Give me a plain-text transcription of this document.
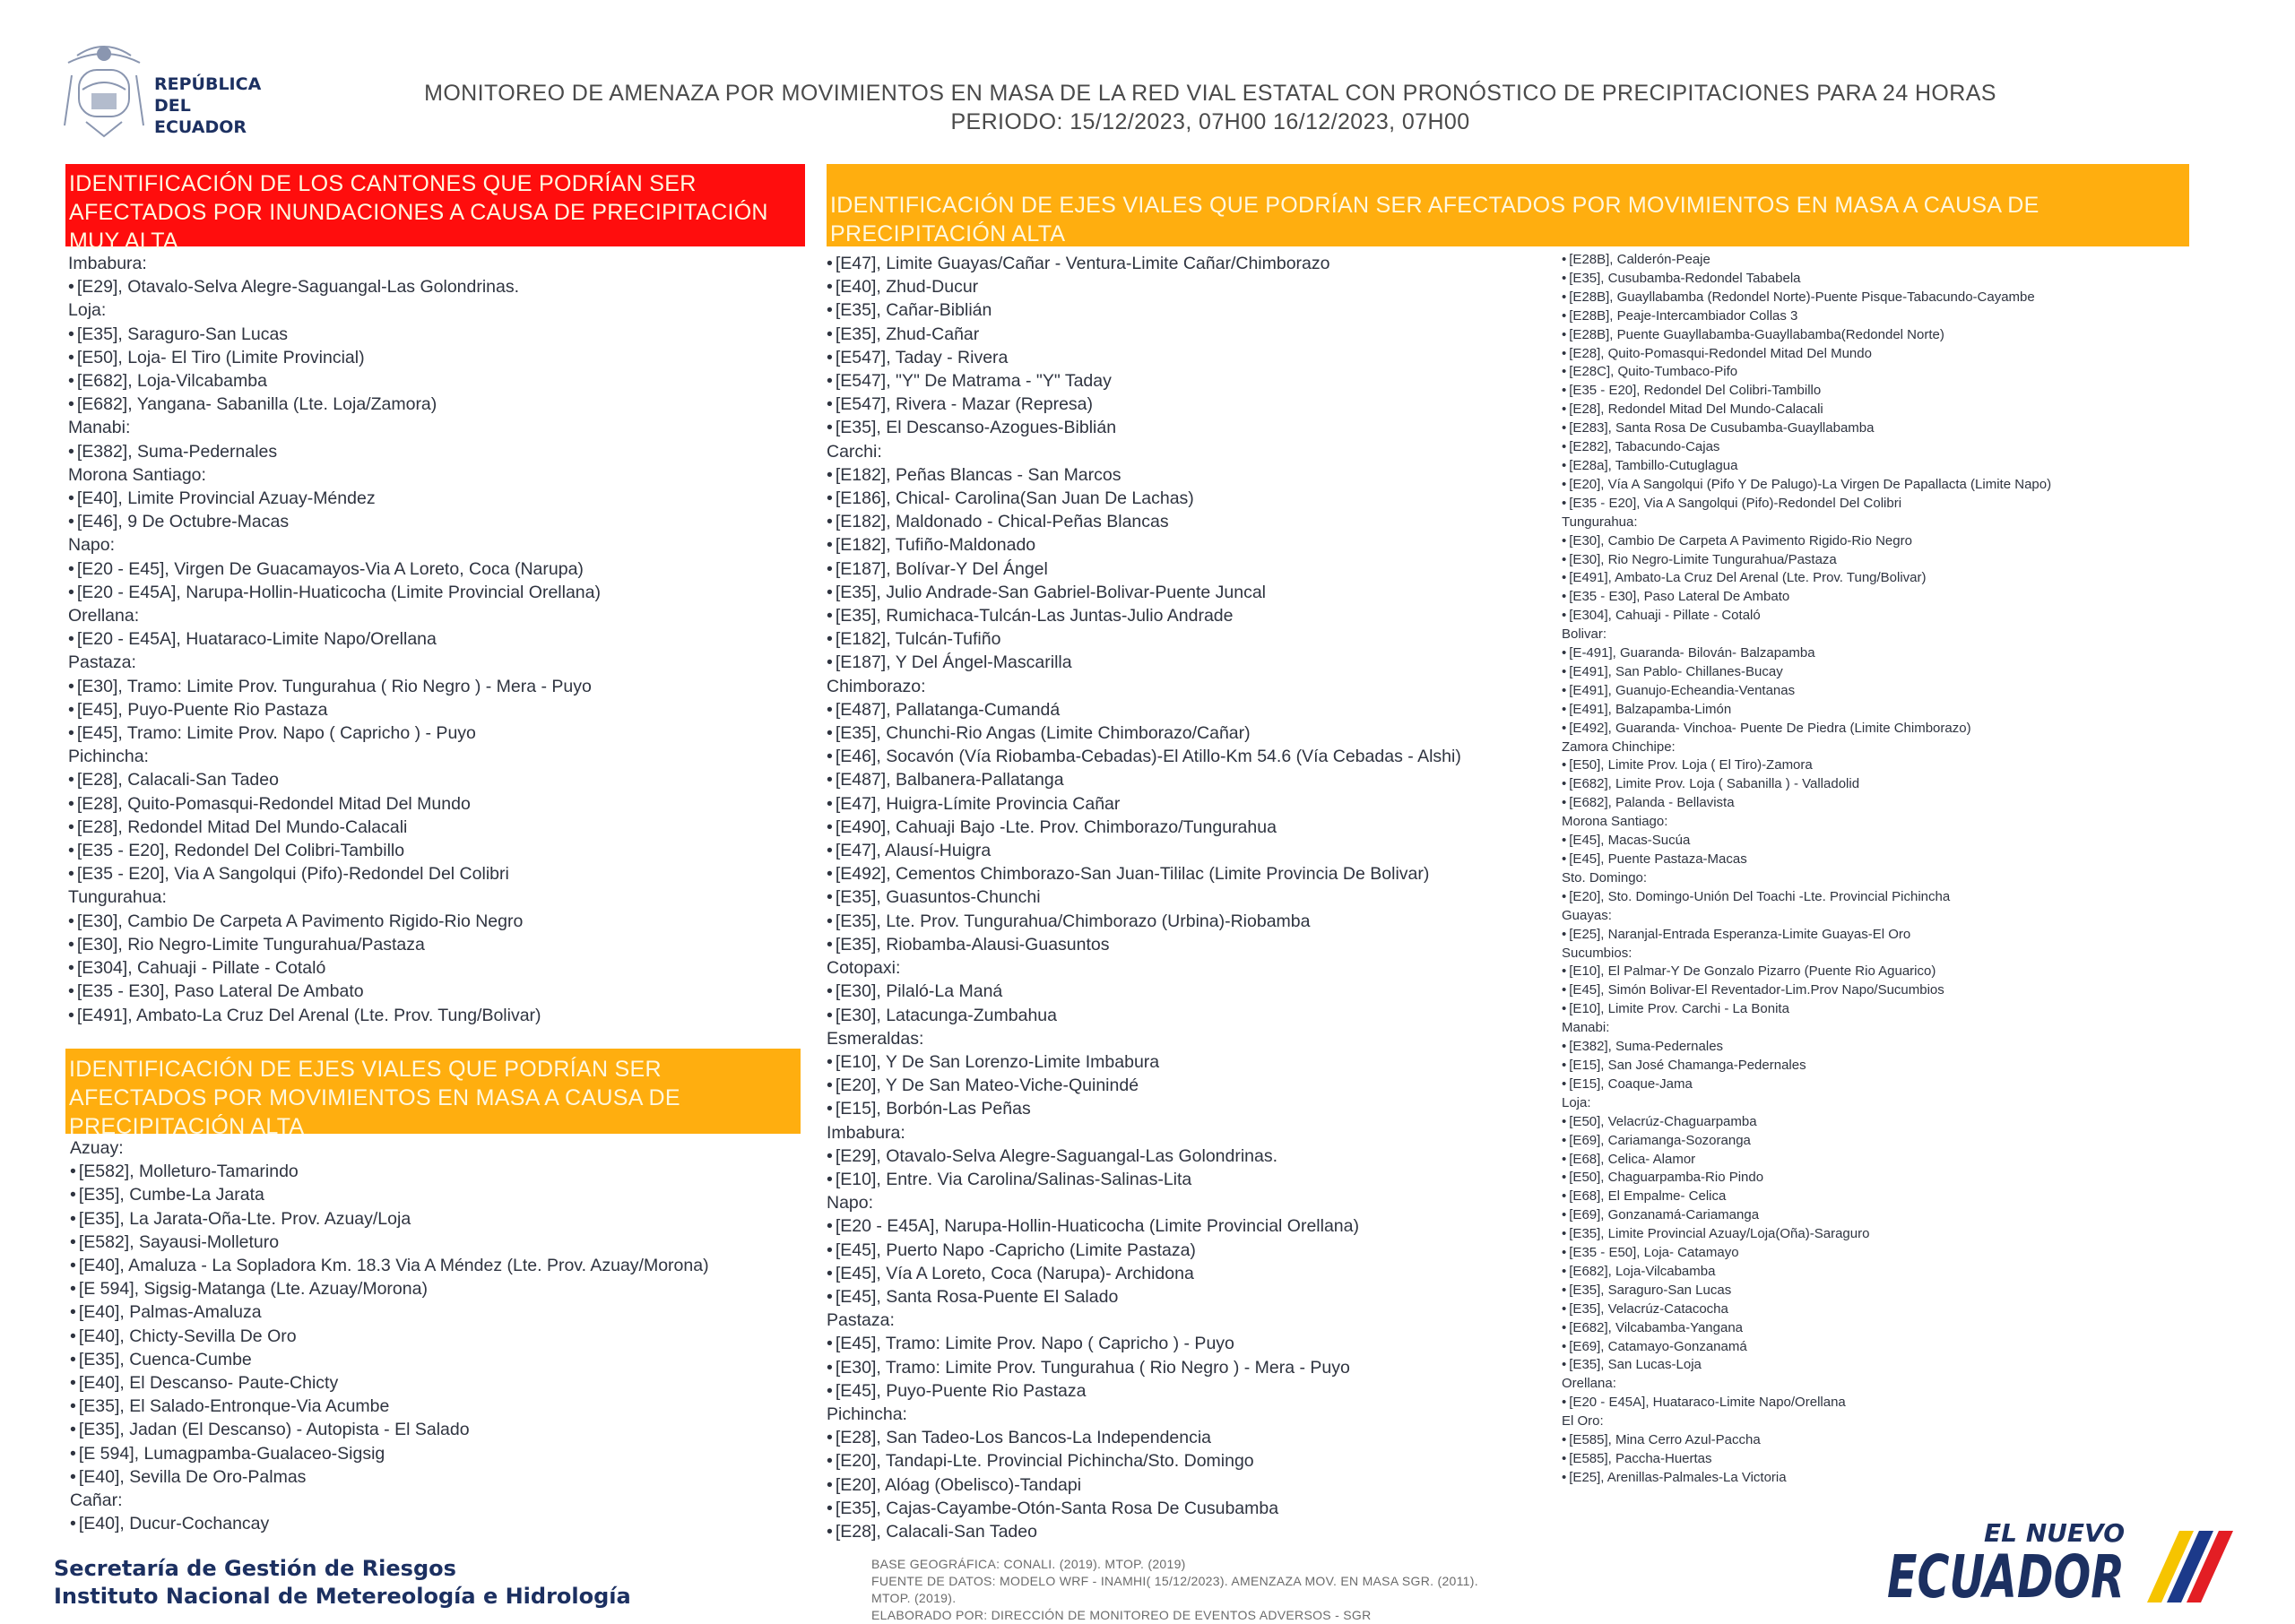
REPÚBLICA
DEL ECUADOR
MONITOREO DE AMENAZA POR MOVIMIENTOS EN MASA DE LA RED VIAL ESTATAL CON PRONÓSTICO DE PRECIPITACIONES PARA 24 HORAS
PERIODO: 15/12/2023, 07H00 16/12/2023, 07H00
IDENTIFICACIÓN DE LOS CANTONES QUE PODRÍAN SER AFECTADOS POR INUNDACIONES A CAUSA DE PRECIPITACIÓN MUY ALTA
IDENTIFICACIÓN DE EJES VIALES QUE PODRÍAN SER AFECTADOS POR MOVIMIENTOS EN MASA A CAUSA DE PRECIPITACIÓN ALTA
IDENTIFICACIÓN DE EJES VIALES QUE PODRÍAN SER AFECTADOS POR MOVIMIENTOS EN MASA A CAUSA DE PRECIPITACIÓN ALTA
Imbabura:
• [E29], Otavalo-Selva Alegre-Saguangal-Las Golondrinas.
Loja:
• [E35], Saraguro-San Lucas
• [E50], Loja- El Tiro (Limite Provincial)
• [E682], Loja-Vilcabamba
• [E682], Yangana- Sabanilla (Lte. Loja/Zamora)
Manabi:
• [E382], Suma-Pedernales
Morona Santiago:
• [E40], Limite Provincial Azuay-Méndez
• [E46], 9 De Octubre-Macas
Napo:
• [E20 - E45], Virgen De Guacamayos-Via A Loreto, Coca (Narupa)
• [E20 - E45A], Narupa-Hollin-Huaticocha (Limite Provincial Orellana)
Orellana:
• [E20 - E45A], Huataraco-Limite Napo/Orellana
Pastaza:
• [E30], Tramo: Limite Prov. Tungurahua ( Rio Negro ) - Mera - Puyo
• [E45], Puyo-Puente Rio Pastaza
• [E45], Tramo: Limite Prov. Napo ( Capricho ) - Puyo
Pichincha:
• [E28], Calacali-San Tadeo
• [E28], Quito-Pomasqui-Redondel Mitad Del Mundo
• [E28], Redondel Mitad Del Mundo-Calacali
• [E35 - E20], Redondel Del Colibri-Tambillo
• [E35 - E20], Via A Sangolqui (Pifo)-Redondel Del Colibri
Tungurahua:
• [E30], Cambio De Carpeta A Pavimento Rigido-Rio Negro
• [E30], Rio Negro-Limite Tungurahua/Pastaza
• [E304], Cahuaji - Pillate - Cotaló
• [E35 - E30], Paso Lateral De Ambato
• [E491], Ambato-La Cruz Del Arenal (Lte. Prov. Tung/Bolivar)
Azuay:
• [E582], Molleturo-Tamarindo
• [E35], Cumbe-La Jarata
• [E35], La Jarata-Oña-Lte. Prov. Azuay/Loja
• [E582], Sayausi-Molleturo
• [E40], Amaluza - La Sopladora Km. 18.3 Via A Méndez (Lte. Prov. Azuay/Morona)
• [E 594], Sigsig-Matanga (Lte. Azuay/Morona)
• [E40], Palmas-Amaluza
• [E40], Chicty-Sevilla De Oro
• [E35], Cuenca-Cumbe
• [E40], El Descanso- Paute-Chicty
• [E35], El Salado-Entronque-Via Acumbe
• [E35], Jadan (El Descanso) - Autopista - El Salado
• [E 594], Lumagpamba-Gualaceo-Sigsig
• [E40], Sevilla De Oro-Palmas
Cañar:
• [E40], Ducur-Cochancay
• [E47], Limite Guayas/Cañar - Ventura-Limite Cañar/Chimborazo
• [E40], Zhud-Ducur
• [E35], Cañar-Biblián
• [E35], Zhud-Cañar
• [E547], Taday - Rivera
• [E547], "Y" De Matrama - "Y" Taday
• [E547], Rivera - Mazar (Represa)
• [E35], El Descanso-Azogues-Biblián
Carchi:
• [E182], Peñas Blancas - San Marcos
• [E186], Chical- Carolina(San Juan De Lachas)
• [E182], Maldonado - Chical-Peñas Blancas
• [E182], Tufiño-Maldonado
• [E187], Bolívar-Y Del Ángel
• [E35], Julio Andrade-San Gabriel-Bolivar-Puente Juncal
• [E35], Rumichaca-Tulcán-Las Juntas-Julio Andrade
• [E182], Tulcán-Tufiño
• [E187], Y Del Ángel-Mascarilla
Chimborazo:
• [E487], Pallatanga-Cumandá
• [E35], Chunchi-Rio Angas (Limite Chimborazo/Cañar)
• [E46], Socavón (Vía Riobamba-Cebadas)-El Atillo-Km 54.6 (Vía Cebadas - Alshi)
• [E487], Balbanera-Pallatanga
• [E47], Huigra-Límite Provincia Cañar
• [E490], Cahuaji Bajo -Lte. Prov. Chimborazo/Tungurahua
• [E47], Alausí-Huigra
• [E492], Cementos Chimborazo-San Juan-Tililac (Limite Provincia De Bolivar)
• [E35], Guasuntos-Chunchi
• [E35], Lte. Prov. Tungurahua/Chimborazo (Urbina)-Riobamba
• [E35], Riobamba-Alausi-Guasuntos
Cotopaxi:
• [E30], Pilaló-La Maná
• [E30], Latacunga-Zumbahua
Esmeraldas:
• [E10], Y De San Lorenzo-Limite Imbabura
• [E20], Y De San Mateo-Viche-Quinindé
• [E15], Borbón-Las Peñas
Imbabura:
• [E29], Otavalo-Selva Alegre-Saguangal-Las Golondrinas.
• [E10], Entre. Via Carolina/Salinas-Salinas-Lita
Napo:
• [E20 - E45A], Narupa-Hollin-Huaticocha (Limite Provincial Orellana)
• [E45], Puerto Napo -Capricho (Limite Pastaza)
• [E45], Vía A Loreto, Coca (Narupa)- Archidona
• [E45], Santa Rosa-Puente El Salado
Pastaza:
• [E45], Tramo: Limite Prov. Napo ( Capricho ) - Puyo
• [E30], Tramo: Limite Prov. Tungurahua ( Rio Negro ) - Mera - Puyo
• [E45], Puyo-Puente Rio Pastaza
Pichincha:
• [E28], San Tadeo-Los Bancos-La Independencia
• [E20], Tandapi-Lte. Provincial Pichincha/Sto. Domingo
• [E20], Alóag (Obelisco)-Tandapi
• [E35], Cajas-Cayambe-Otón-Santa Rosa De Cusubamba
• [E28], Calacali-San Tadeo
• [E28B], Calderón-Peaje
• [E35], Cusubamba-Redondel Tababela
• [E28B], Guayllabamba (Redondel Norte)-Puente Pisque-Tabacundo-Cayambe
• [E28B], Peaje-Intercambiador Collas 3
• [E28B], Puente Guayllabamba-Guayllabamba(Redondel Norte)
• [E28], Quito-Pomasqui-Redondel Mitad Del Mundo
• [E28C], Quito-Tumbaco-Pifo
• [E35 - E20], Redondel Del Colibri-Tambillo
• [E28], Redondel Mitad Del Mundo-Calacali
• [E283], Santa Rosa De Cusubamba-Guayllabamba
• [E282], Tabacundo-Cajas
• [E28a], Tambillo-Cutuglagua
• [E20], Vía A Sangolqui (Pifo Y De Palugo)-La Virgen De Papallacta (Limite Napo)
• [E35 - E20], Via A Sangolqui (Pifo)-Redondel Del Colibri
Tungurahua:
• [E30], Cambio De Carpeta A Pavimento Rigido-Rio Negro
• [E30], Rio Negro-Limite Tungurahua/Pastaza
• [E491], Ambato-La Cruz Del Arenal (Lte. Prov. Tung/Bolivar)
• [E35 - E30], Paso Lateral De Ambato
• [E304], Cahuaji - Pillate - Cotaló
Bolivar:
• [E-491], Guaranda- Bilován- Balzapamba
• [E491], San Pablo- Chillanes-Bucay
• [E491], Guanujo-Echeandia-Ventanas
• [E491], Balzapamba-Limón
• [E492], Guaranda- Vinchoa- Puente De Piedra (Limite Chimborazo)
Zamora Chinchipe:
• [E50], Limite Prov. Loja ( El Tiro)-Zamora
• [E682], Limite Prov. Loja ( Sabanilla ) - Valladolid
• [E682], Palanda - Bellavista
Morona Santiago:
• [E45], Macas-Sucúa
• [E45], Puente Pastaza-Macas
Sto. Domingo:
• [E20], Sto. Domingo-Unión Del Toachi -Lte. Provincial Pichincha
Guayas:
• [E25], Naranjal-Entrada Esperanza-Limite Guayas-El Oro
Sucumbios:
• [E10], El Palmar-Y De Gonzalo Pizarro (Puente Rio Aguarico)
• [E45], Simón Bolivar-El Reventador-Lim.Prov Napo/Sucumbios
• [E10], Limite Prov. Carchi - La Bonita
Manabi:
• [E382], Suma-Pedernales
• [E15], San José Chamanga-Pedernales
• [E15], Coaque-Jama
Loja:
• [E50], Velacrúz-Chaguarpamba
• [E69], Cariamanga-Sozoranga
• [E68], Celica- Alamor
• [E50], Chaguarpamba-Rio Pindo
• [E68], El Empalme- Celica
• [E69], Gonzanamá-Cariamanga
• [E35], Limite Provincial Azuay/Loja(Oña)-Saraguro
• [E35 - E50], Loja- Catamayo
• [E682], Loja-Vilcabamba
• [E35], Saraguro-San Lucas
• [E35], Velacrúz-Catacocha
• [E682], Vilcabamba-Yangana
• [E69], Catamayo-Gonzanamá
• [E35], San Lucas-Loja
Orellana:
• [E20 - E45A], Huataraco-Limite Napo/Orellana
El Oro:
• [E585], Mina Cerro Azul-Paccha
• [E585], Paccha-Huertas
• [E25], Arenillas-Palmales-La Victoria
Secretaría de Gestión de Riesgos
Instituto Nacional de Metereología e Hidrología
BASE GEOGRÁFICA: CONALI. (2019). MTOP. (2019)
FUENTE DE DATOS: MODELO WRF - INAMHI( 15/12/2023). AMENZAZA MOV. EN MASA SGR. (2011). MTOP. (2019).
ELABORADO POR: DIRECCIÓN DE MONITOREO DE EVENTOS ADVERSOS - SGR
EL NUEVO
ECUADOR
